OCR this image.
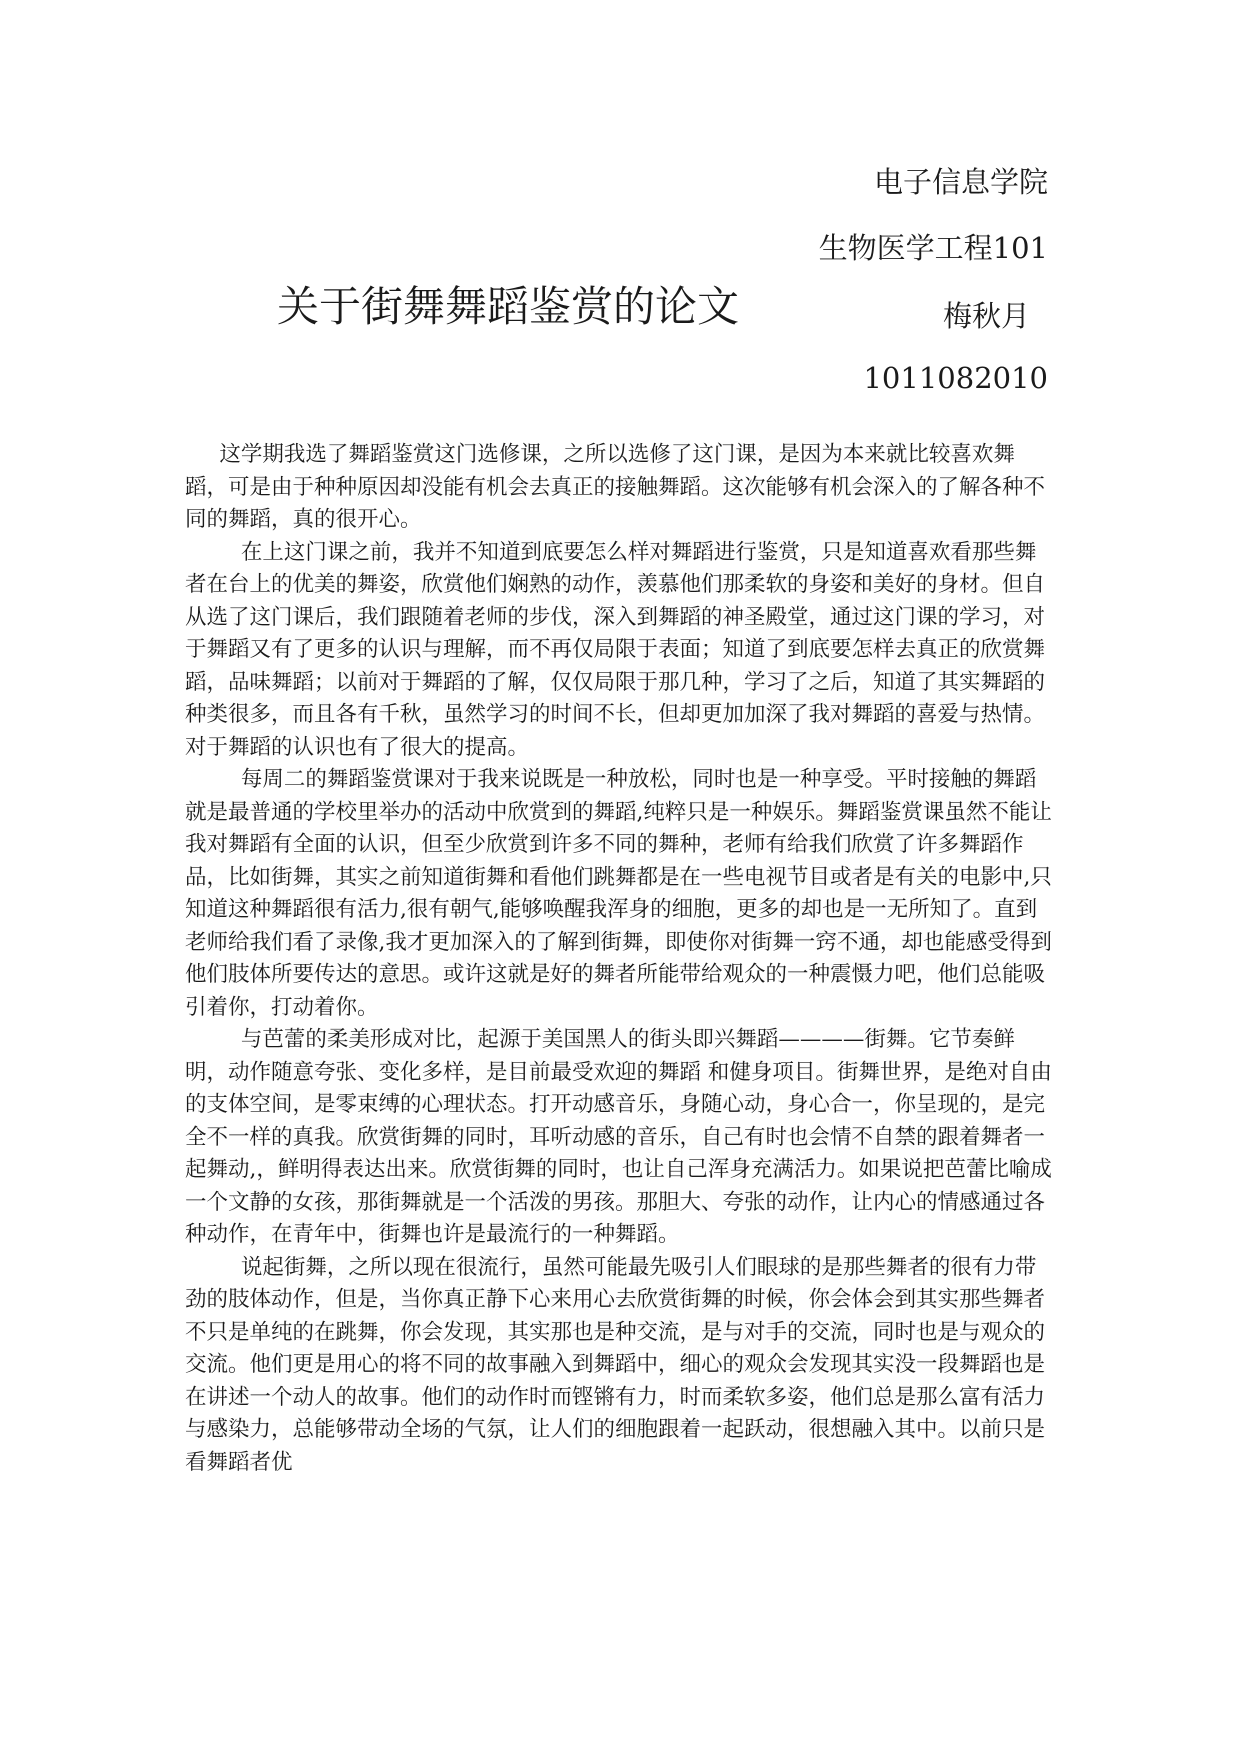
电子信息学院
生物医学工程101
关于街舞舞蹈鉴赏的论文	梅秋月
1011082010

这学期我选了舞蹈鉴赏这门选修课，之所以选修了这门课，是因为本来就比较喜欢舞蹈，可是由于种种原因却没能有机会去真正的接触舞蹈。这次能够有机会深入的了解各种不同的舞蹈，真的很开心。

在上这门课之前，我并不知道到底要怎么样对舞蹈进行鉴赏，只是知道喜欢看那些舞者在台上的优美的舞姿，欣赏他们娴熟的动作，羡慕他们那柔软的身姿和美好的身材。但自从选了这门课后，我们跟随着老师的步伐，深入到舞蹈的神圣殿堂，通过这门课的学习，对于舞蹈又有了更多的认识与理解，而不再仅局限于表面；知道了到底要怎样去真正的欣赏舞蹈，品味舞蹈；以前对于舞蹈的了解，仅仅局限于那几种，学习了之后，知道了其实舞蹈的种类很多，而且各有千秋，虽然学习的时间不长，但却更加加深了我对舞蹈的喜爱与热情。对于舞蹈的认识也有了很大的提高。

每周二的舞蹈鉴赏课对于我来说既是一种放松，同时也是一种享受。平时接触的舞蹈就是最普通的学校里举办的活动中欣赏到的舞蹈,纯粹只是一种娱乐。舞蹈鉴赏课虽然不能让我对舞蹈有全面的认识，但至少欣赏到许多不同的舞种，老师有给我们欣赏了许多舞蹈作品，比如街舞，其实之前知道街舞和看他们跳舞都是在一些电视节目或者是有关的电影中,只知道这种舞蹈很有活力,很有朝气,能够唤醒我浑身的细胞，更多的却也是一无所知了。直到老师给我们看了录像,我才更加深入的了解到街舞，即使你对街舞一窍不通，却也能感受得到他们肢体所要传达的意思。或许这就是好的舞者所能带给观众的一种震慑力吧，他们总能吸引着你，打动着你。

与芭蕾的柔美形成对比，起源于美国黑人的街头即兴舞蹈————街舞。它节奏鲜明，动作随意夸张、变化多样，是目前最受欢迎的舞蹈 和健身项目。街舞世界，是绝对自由的支体空间，是零束缚的心理状态。打开动感音乐，身随心动，身心合一，你呈现的，是完全不一样的真我。欣赏街舞的同时，耳听动感的音乐，自己有时也会情不自禁的跟着舞者一起舞动,，鲜明得表达出来。欣赏街舞的同时，也让自己浑身充满活力。如果说把芭蕾比喻成一个文静的女孩，那街舞就是一个活泼的男孩。那胆大、夸张的动作，让内心的情感通过各种动作，在青年中，街舞也许是最流行的一种舞蹈。

说起街舞，之所以现在很流行，虽然可能最先吸引人们眼球的是那些舞者的很有力带劲的肢体动作，但是，当你真正静下心来用心去欣赏街舞的时候，你会体会到其实那些舞者不只是单纯的在跳舞，你会发现，其实那也是种交流，是与对手的交流，同时也是与观众的交流。他们更是用心的将不同的故事融入到舞蹈中，细心的观众会发现其实没一段舞蹈也是在讲述一个动人的故事。他们的动作时而铿锵有力，时而柔软多姿，他们总是那么富有活力与感染力，总能够带动全场的气氛，让人们的细胞跟着一起跃动，很想融入其中。以前只是看舞蹈者优
